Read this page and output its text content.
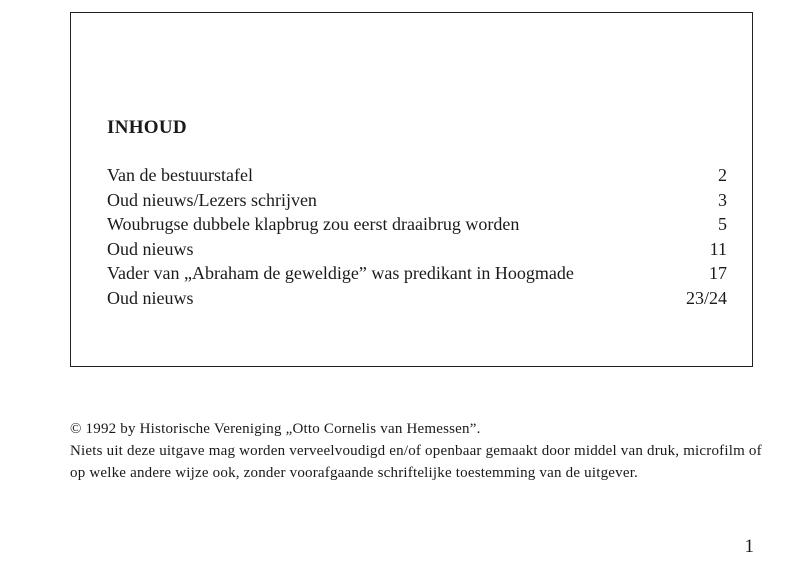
INHOUD
Van de bestuurstafel	2
Oud nieuws/Lezers schrijven	3
Woubrugse dubbele klapbrug zou eerst draaibrug worden	5
Oud nieuws	11
Vader van „Abraham de geweldige” was predikant in Hoogmade	17
Oud nieuws	23/24

© 1992 by Historische Vereniging „Otto Cornelis van Hemessen”.

Niets uit deze uitgave mag worden verveelvoudigd en/of openbaar gemaakt door middel van druk, microfilm of op welke andere wijze ook, zonder voorafgaande schriftelijke toestemming van de uitgever.

1
